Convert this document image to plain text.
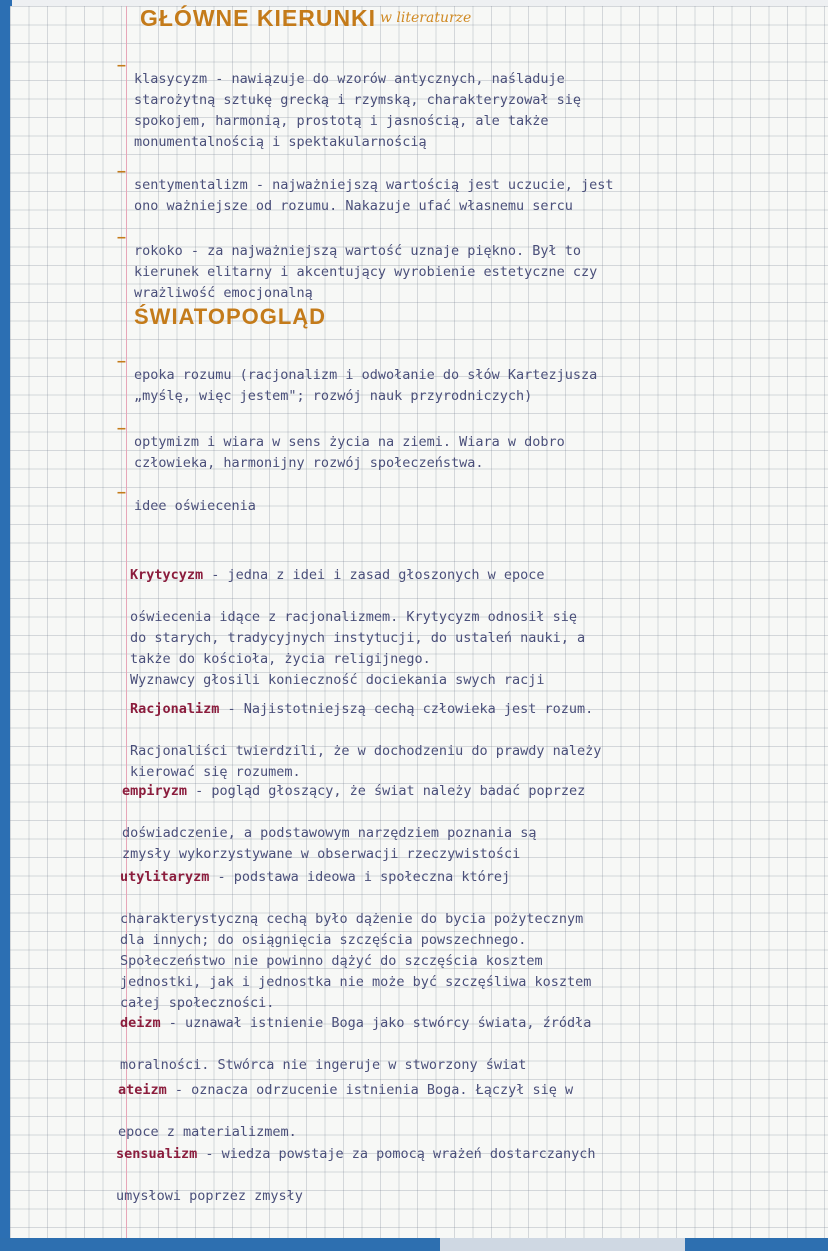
GŁÓWNE KIERUNKI w literaturze
–

klasycyzm - nawiązuje do wzorów antycznych, naśladuje
starożytną sztukę grecką i rzymską, charakteryzował się
spokojem, harmonią, prostotą i jasnością, ale także
monumentalnością i spektakularnością
–

sentymentalizm - najważniejszą wartością jest uczucie, jest
ono ważniejsze od rozumu. Nakazuje ufać własnemu sercu
–

rokoko - za najważniejszą wartość uznaje piękno. Był to
kierunek elitarny i akcentujący wyrobienie estetyczne czy
wrażliwość emocjonalną
ŚWIATOPOGLĄD
–

epoka rozumu (racjonalizm i odwołanie do słów Kartezjusza
„myślę, więc jestem"; rozwój nauk przyrodniczych)
–

optymizm i wiara w sens życia na ziemi. Wiara w dobro
człowieka, harmonijny rozwój społeczeństwa.
–

idee oświecenia

Krytycyzm - jedna z idei i zasad głoszonych w epoce

oświecenia idące z racjonalizmem. Krytycyzm odnosił się
do starych, tradycyjnych instytucji, do ustaleń nauki, a
także do kościoła, życia religijnego.
Wyznawcy głosili konieczność dociekania swych racji

Racjonalizm - Najistotniejszą cechą człowieka jest rozum.

Racjonaliści twierdzili, że w dochodzeniu do prawdy należy
kierować się rozumem.

empiryzm - pogląd głoszący, że świat należy badać poprzez

doświadczenie, a podstawowym narzędziem poznania są
zmysły wykorzystywane w obserwacji rzeczywistości

utylitaryzm - podstawa ideowa i społeczna której

charakterystyczną cechą było dążenie do bycia pożytecznym
dla innych; do osiągnięcia szczęścia powszechnego.
Społeczeństwo nie powinno dążyć do szczęścia kosztem
jednostki, jak i jednostka nie może być szczęśliwa kosztem
całej społeczności.

deizm - uznawał istnienie Boga jako stwórcy świata, źródła

moralności. Stwórca nie ingeruje w stworzony świat

ateizm - oznacza odrzucenie istnienia Boga. Łączył się w

epoce z materializmem.

sensualizm - wiedza powstaje za pomocą wrażeń dostarczanych

umysłowi poprzez zmysły
